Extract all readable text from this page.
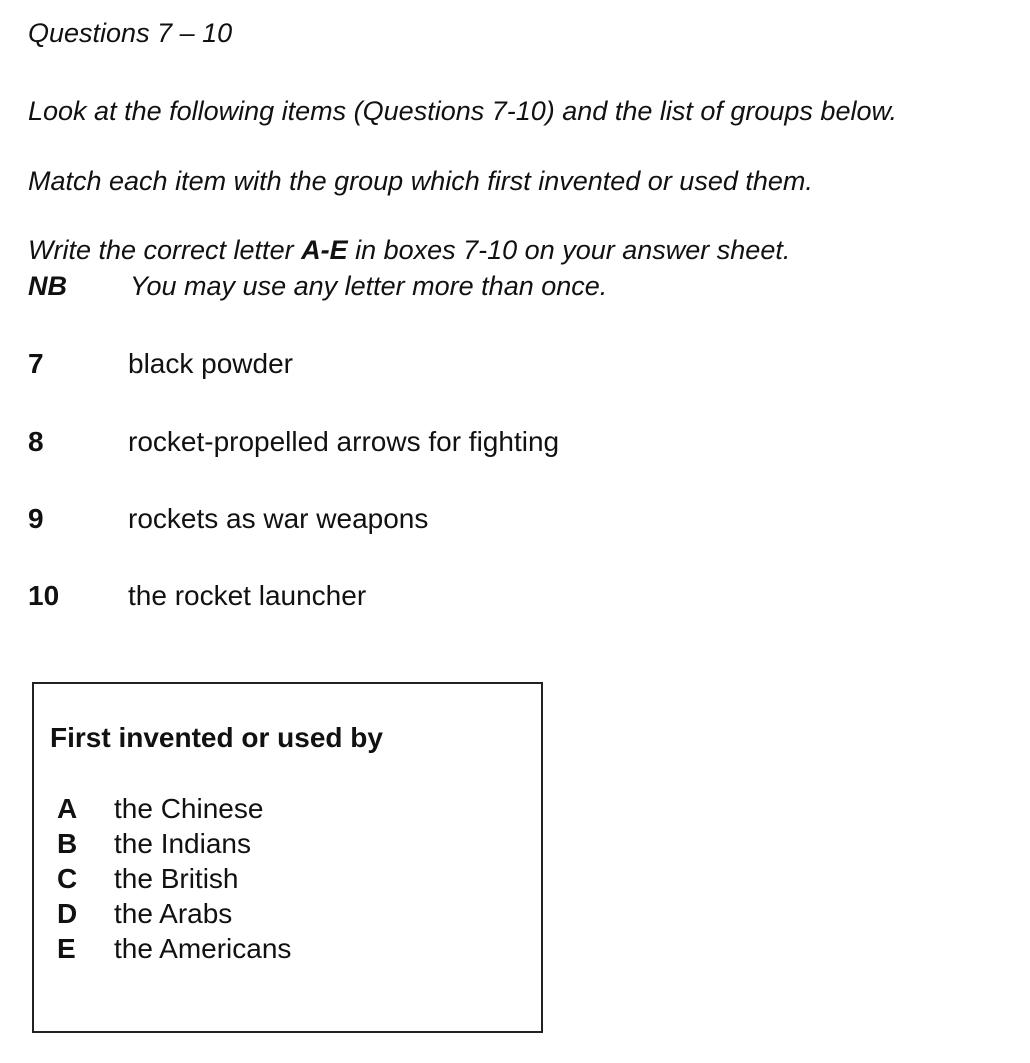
Questions 7 – 10
Look at the following items (Questions 7-10) and the list of groups below.
Match each item with the group which first invented or used them.
Write the correct letter A-E in boxes 7-10 on your answer sheet.
NB You may use any letter more than once.
7	black powder
8	rocket-propelled arrows for fighting
9	rockets as war weapons
10 the rocket launcher
First invented or used by
A the Chinese
B the Indians
C the British
D the Arabs
E the Americans
